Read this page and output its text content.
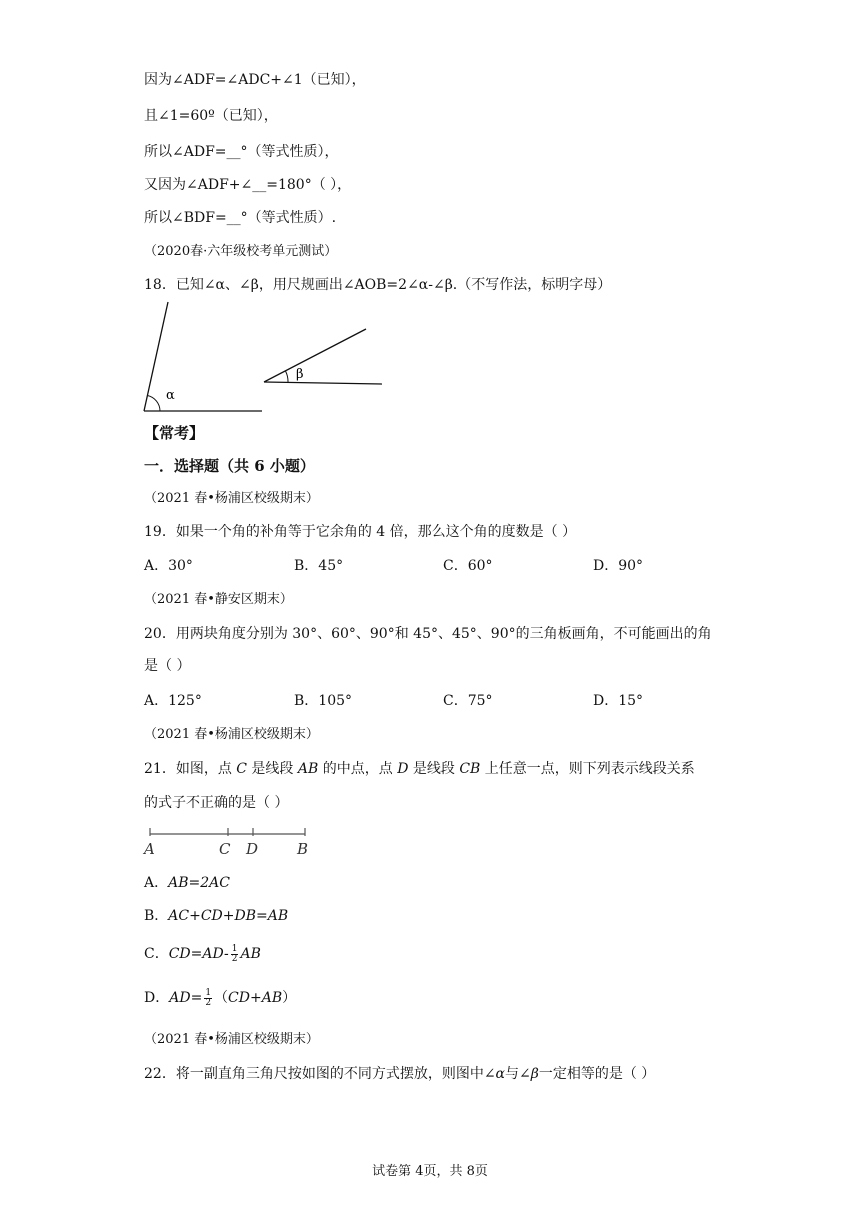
因为∠ADF=∠ADC+∠1（已知），
且∠1=60º（已知），
所以∠ADF=__°（等式性质），
又因为∠ADF+∠__=180°（ ），
所以∠BDF=__°（等式性质）.
（2020春·六年级校考单元测试）
18．已知∠α、∠β，用尺规画出∠AOB=2∠α-∠β.（不写作法，标明字母）
α
β
【常考】
一．选择题（共 6 小题）
（2021 春•杨浦区校级期末）
19．如果一个角的补角等于它余角的 4 倍，那么这个角的度数是（ ）
A．30°	B．45°	C．60°	D．90°
（2021 春•静安区期末）
20．用两块角度分别为 30°、60°、90°和 45°、45°、90°的三角板画角，不可能画出的角
是（ ）
A．125°	B．105°	C．75°	D．15°
（2021 春•杨浦区校级期末）
21．如图，点 C 是线段 AB 的中点，点 D 是线段 CB 上任意一点，则下列表示线段关系
的式子不正确的是（ ）
A	C D	B
A．AB=2AC
B．AC+CD+DB=AB
C．$CD=AD- \frac{1}{2}$ AB
D．$AD= \frac{1}{2} (CD+AB)$
（2021 春•杨浦区校级期末）
22．将一副直角三角尺按如图的不同方式摆放，则图中∠α与∠β一定相等的是（ ）
试卷第 4页，共 8页
